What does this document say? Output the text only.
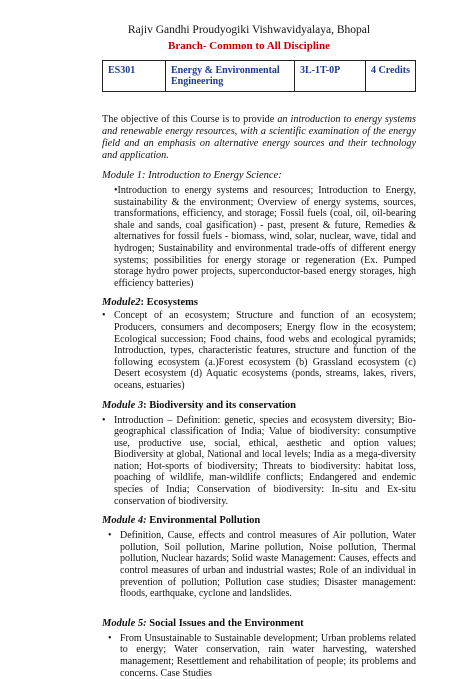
Rajiv Gandhi Proudyogiki Vishwavidyalaya, Bhopal
Branch- Common to All Discipline
ES301	Energy & Environmental Engineering	3L-1T-0P	4 Credits
The objective of this Course is to provide an introduction to energy systems and renewable energy resources, with a scientific examination of the energy field and an emphasis on alternative energy sources and their technology and application.
Module 1: Introduction to Energy Science:
•Introduction to energy systems and resources; Introduction to Energy, sustainability & the environment; Overview of energy systems, sources, transformations, efficiency, and storage; Fossil fuels (coal, oil, oil-bearing shale and sands, coal gasification) - past, present & future, Remedies & alternatives for fossil fuels - biomass, wind, solar, nuclear, wave, tidal and hydrogen; Sustainability and environmental trade-offs of different energy systems; possibilities for energy storage or regeneration (Ex. Pumped storage hydro power projects, superconductor-based energy storages, high efficiency batteries)
Module2: Ecosystems
• Concept of an ecosystem; Structure and function of an ecosystem; Producers, consumers and decomposers; Energy flow in the ecosystem; Ecological succession; Food chains, food webs and ecological pyramids; Introduction, types, characteristic features, structure and function of the following ecosystem (a.)Forest ecosystem (b) Grassland ecosystem (c) Desert ecosystem (d) Aquatic ecosystems (ponds, streams, lakes, rivers, oceans, estuaries)
Module 3: Biodiversity and its conservation
• Introduction – Definition: genetic, species and ecosystem diversity; Bio-geographical classification of India; Value of biodiversity: consumptive use, productive use, social, ethical, aesthetic and option values; Biodiversity at global, National and local levels; India as a mega-diversity nation; Hot-sports of biodiversity; Threats to biodiversity: habitat loss, poaching of wildlife, man-wildlife conflicts; Endangered and endemic species of India; Conservation of biodiversity: In-situ and Ex-situ conservation of biodiversity.
Module 4: Environmental Pollution
• Definition, Cause, effects and control measures of Air pollution, Water pollution, Soil pollution, Marine pollution, Noise pollution, Thermal pollution, Nuclear hazards; Solid waste Management: Causes, effects and control measures of urban and industrial wastes; Role of an individual in prevention of pollution; Pollution case studies; Disaster management: floods, earthquake, cyclone and landslides.
Module 5: Social Issues and the Environment
• From Unsustainable to Sustainable development; Urban problems related to energy; Water conservation, rain water harvesting, watershed management; Resettlement and rehabilitation of people; its problems and concerns. Case Studies
